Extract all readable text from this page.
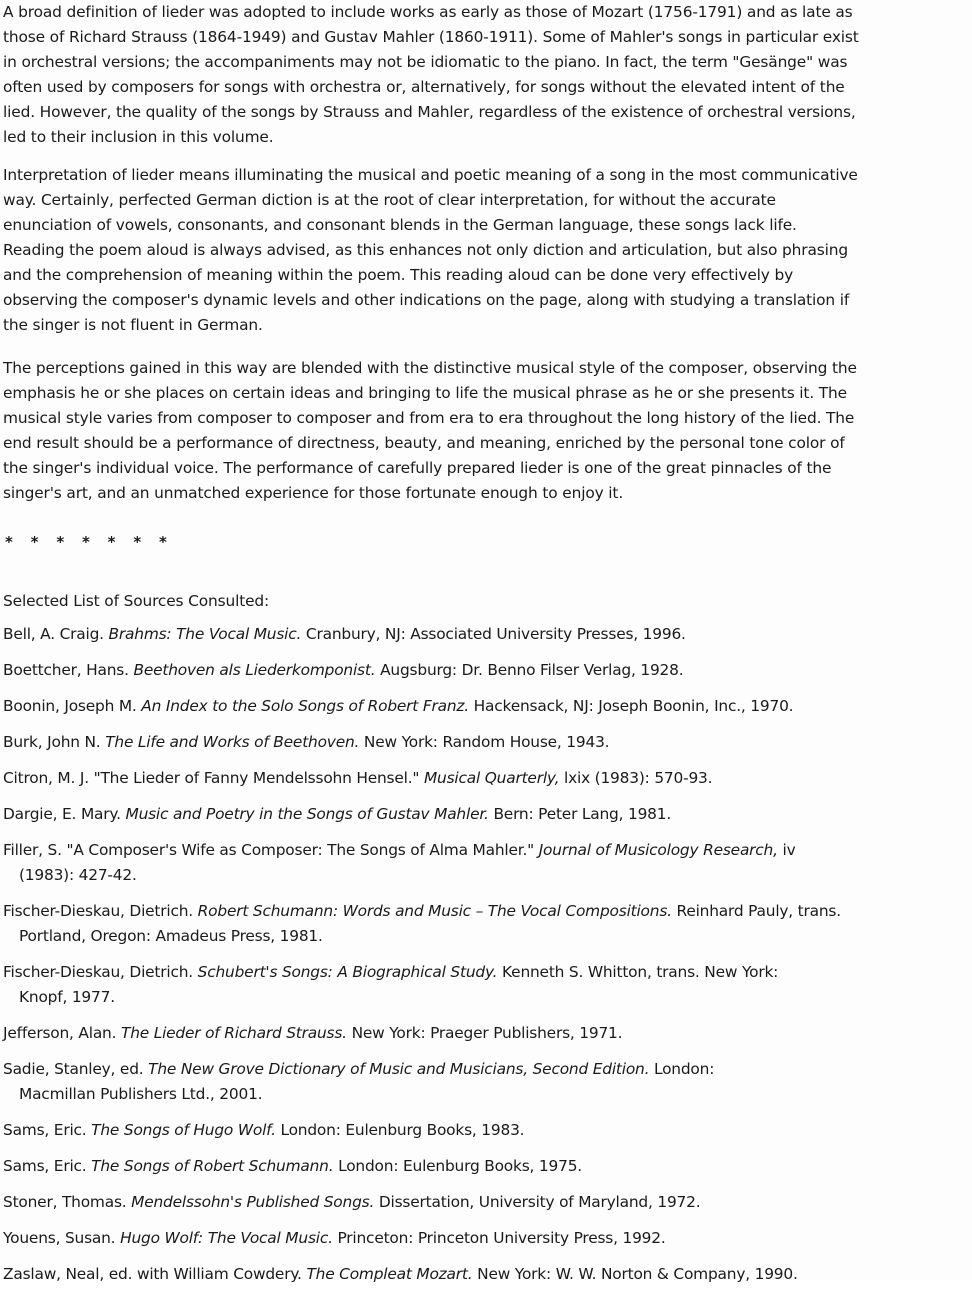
A broad definition of lieder was adopted to include works as early as those of Mozart (1756-1791) and as late as
those of Richard Strauss (1864-1949) and Gustav Mahler (1860-1911). Some of Mahler's songs in particular exist
in orchestral versions; the accompaniments may not be idiomatic to the piano. In fact, the term "Gesänge" was
often used by composers for songs with orchestra or, alternatively, for songs without the elevated intent of the
lied. However, the quality of the songs by Strauss and Mahler, regardless of the existence of orchestral versions,
led to their inclusion in this volume.
Interpretation of lieder means illuminating the musical and poetic meaning of a song in the most communicative
way. Certainly, perfected German diction is at the root of clear interpretation, for without the accurate
enunciation of vowels, consonants, and consonant blends in the German language, these songs lack life.
Reading the poem aloud is always advised, as this enhances not only diction and articulation, but also phrasing
and the comprehension of meaning within the poem. This reading aloud can be done very effectively by
observing the composer's dynamic levels and other indications on the page, along with studying a translation if
the singer is not fluent in German.
The perceptions gained in this way are blended with the distinctive musical style of the composer, observing the
emphasis he or she places on certain ideas and bringing to life the musical phrase as he or she presents it. The
musical style varies from composer to composer and from era to era throughout the long history of the lied. The
end result should be a performance of directness, beauty, and meaning, enriched by the personal tone color of
the singer's individual voice. The performance of carefully prepared lieder is one of the great pinnacles of the
singer's art, and an unmatched experience for those fortunate enough to enjoy it.
* * * * * * *
Selected List of Sources Consulted:
Bell, A. Craig. Brahms: The Vocal Music. Cranbury, NJ: Associated University Presses, 1996.
Boettcher, Hans. Beethoven als Liederkomponist. Augsburg: Dr. Benno Filser Verlag, 1928.
Boonin, Joseph M. An Index to the Solo Songs of Robert Franz. Hackensack, NJ: Joseph Boonin, Inc., 1970.
Burk, John N. The Life and Works of Beethoven. New York: Random House, 1943.
Citron, M. J. "The Lieder of Fanny Mendelssohn Hensel." Musical Quarterly, lxix (1983): 570-93.
Dargie, E. Mary. Music and Poetry in the Songs of Gustav Mahler. Bern: Peter Lang, 1981.
Filler, S. "A Composer's Wife as Composer: The Songs of Alma Mahler." Journal of Musicology Research, iv
(1983): 427-42.
Fischer-Dieskau, Dietrich. Robert Schumann: Words and Music – The Vocal Compositions. Reinhard Pauly, trans.
Portland, Oregon: Amadeus Press, 1981.
Fischer-Dieskau, Dietrich. Schubert's Songs: A Biographical Study. Kenneth S. Whitton, trans. New York:
Knopf, 1977.
Jefferson, Alan. The Lieder of Richard Strauss. New York: Praeger Publishers, 1971.
Sadie, Stanley, ed. The New Grove Dictionary of Music and Musicians, Second Edition. London:
Macmillan Publishers Ltd., 2001.
Sams, Eric. The Songs of Hugo Wolf. London: Eulenburg Books, 1983.
Sams, Eric. The Songs of Robert Schumann. London: Eulenburg Books, 1975.
Stoner, Thomas. Mendelssohn's Published Songs. Dissertation, University of Maryland, 1972.
Youens, Susan. Hugo Wolf: The Vocal Music. Princeton: Princeton University Press, 1992.
Zaslaw, Neal, ed. with William Cowdery. The Compleat Mozart. New York: W. W. Norton & Company, 1990.
